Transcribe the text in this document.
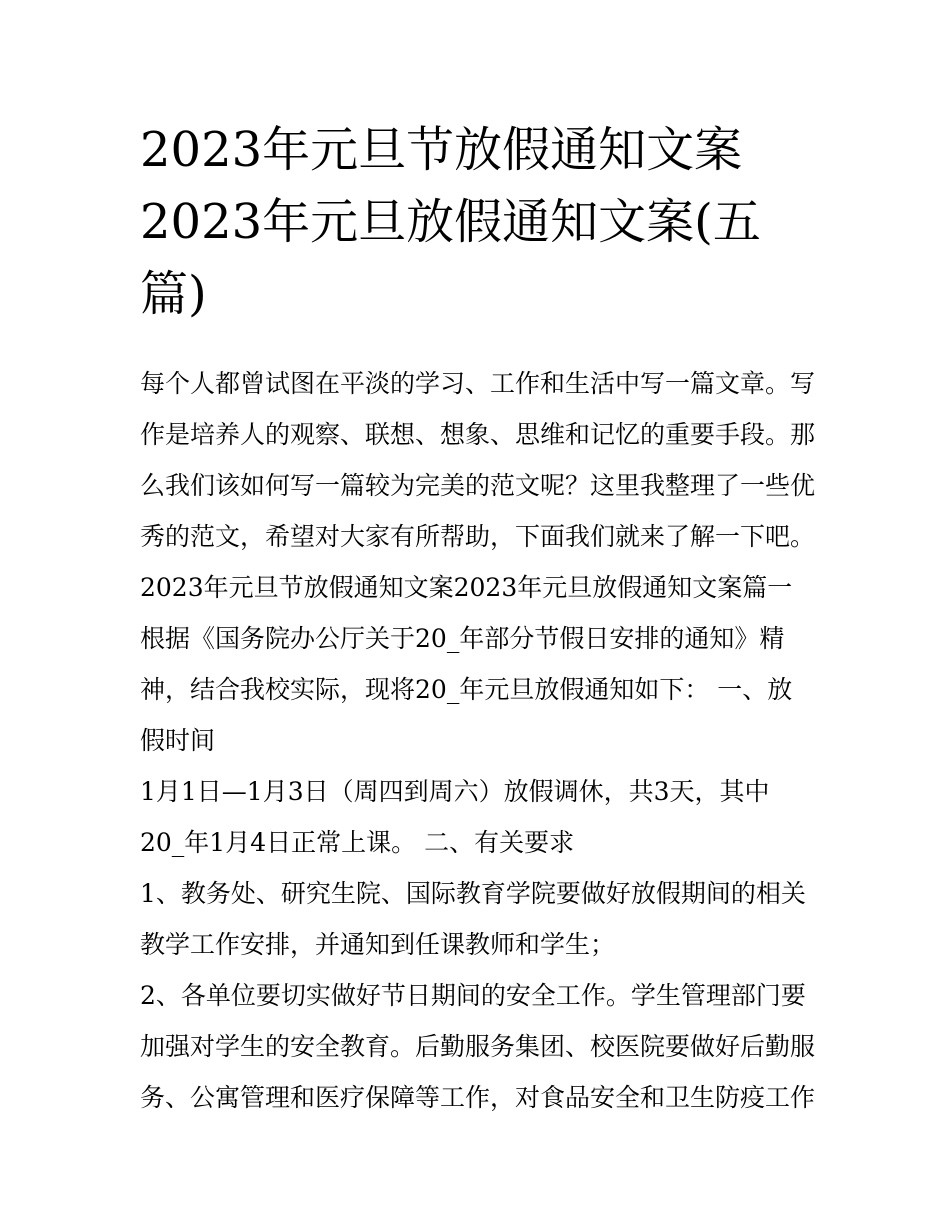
2023年元旦节放假通知文案
2023年元旦放假通知文案(五
篇)
每个人都曾试图在平淡的学习、工作和生活中写一篇文章。写
作是培养人的观察、联想、想象、思维和记忆的重要手段。那
么我们该如何写一篇较为完美的范文呢？这里我整理了一些优
秀的范文，希望对大家有所帮助，下面我们就来了解一下吧。
2023年元旦节放假通知文案2023年元旦放假通知文案篇一
根据《国务院办公厅关于20_年部分节假日安排的通知》精
神，结合我校实际，现将20_年元旦放假通知如下： 一、放
假时间
1月1日—1月3日（周四到周六）放假调休，共3天，其中
20_年1月4日正常上课。 二、有关要求
1、教务处、研究生院、国际教育学院要做好放假期间的相关
教学工作安排，并通知到任课教师和学生；
2、各单位要切实做好节日期间的安全工作。学生管理部门要
加强对学生的安全教育。后勤服务集团、校医院要做好后勤服
务、公寓管理和医疗保障等工作，对食品安全和卫生防疫工作
